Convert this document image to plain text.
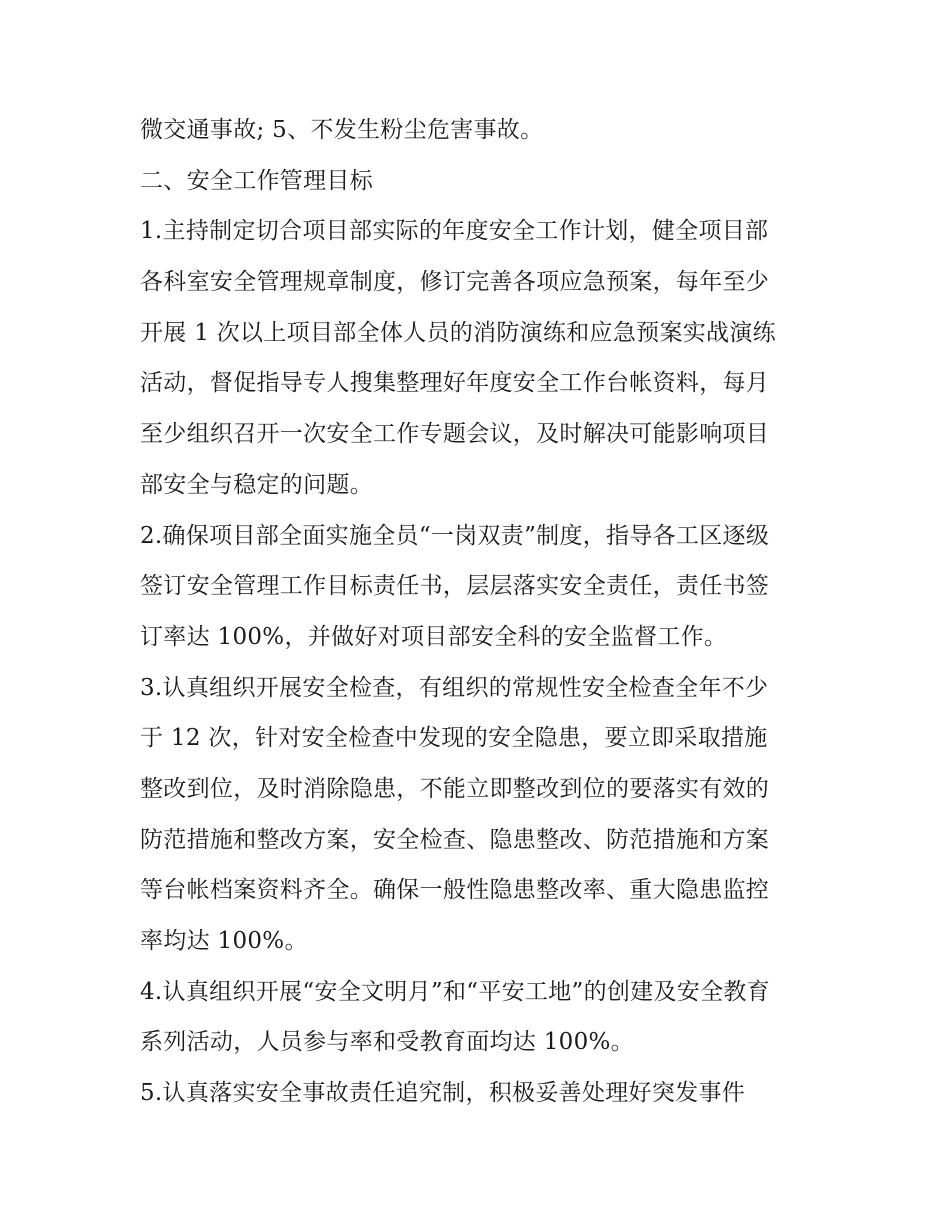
微交通事故; 5、不发生粉尘危害事故。
二、安全工作管理目标
1.主持制定切合项目部实际的年度安全工作计划，健全项目部
各科室安全管理规章制度，修订完善各项应急预案，每年至少
开展 1 次以上项目部全体人员的消防演练和应急预案实战演练
活动，督促指导专人搜集整理好年度安全工作台帐资料，每月
至少组织召开一次安全工作专题会议，及时解决可能影响项目
部安全与稳定的问题。
2.确保项目部全面实施全员“一岗双责”制度，指导各工区逐级
签订安全管理工作目标责任书，层层落实安全责任，责任书签
订率达 100%，并做好对项目部安全科的安全监督工作。
3.认真组织开展安全检查，有组织的常规性安全检查全年不少
于 12 次，针对安全检查中发现的安全隐患，要立即采取措施
整改到位，及时消除隐患，不能立即整改到位的要落实有效的
防范措施和整改方案，安全检查、隐患整改、防范措施和方案
等台帐档案资料齐全。确保一般性隐患整改率、重大隐患监控
率均达 100%。
4.认真组织开展“安全文明月”和“平安工地”的创建及安全教育
系列活动，人员参与率和受教育面均达 100%。
5.认真落实安全事故责任追究制，积极妥善处理好突发事件
